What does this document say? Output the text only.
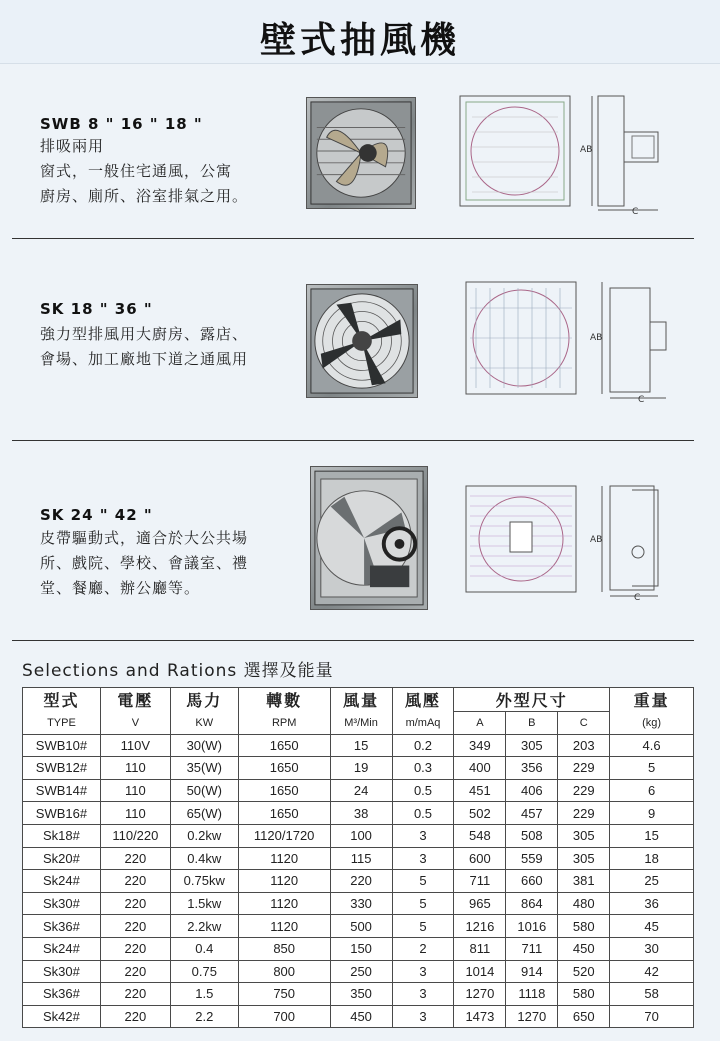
壁式抽風機
SWB 8 " 16 " 18 "
排吸兩用
窗式，一般住宅通風，公寓
廚房、廁所、浴室排氣之用。
AB
C
SK 18 " 36 "
強力型排風用大廚房、露店、
會場、加工廠地下道之通風用
AB
C
SK 24 " 42 "
皮帶驅動式，適合於大公共場
所、戲院、學校、會議室、禮
堂、餐廳、辦公廳等。
AB
C
Selections and Rations 選擇及能量
型式	電壓	馬力	轉數	風量	風壓	外型尺寸			重量
TYPE	V	KW	RPM	M³/Min	m/mAq	A	B	C	(kg)
SWB10#	110V	30(W)	1650	15	0.2	349	305	203	4.6
SWB12#	110	35(W)	1650	19	0.3	400	356	229	5
SWB14#	110	50(W)	1650	24	0.5	451	406	229	6
SWB16#	110	65(W)	1650	38	0.5	502	457	229	9
Sk18#	110/220	0.2kw	1120/1720	100	3	548	508	305	15
Sk20#	220	0.4kw	1120	115	3	600	559	305	18
Sk24#	220	0.75kw	1120	220	5	711	660	381	25
Sk30#	220	1.5kw	1120	330	5	965	864	480	36
Sk36#	220	2.2kw	1120	500	5	1216	1016	580	45
Sk24#	220	0.4	850	150	2	811	711	450	30
Sk30#	220	0.75	800	250	3	1014	914	520	42
Sk36#	220	1.5	750	350	3	1270	1118	580	58
Sk42#	220	2.2	700	450	3	1473	1270	650	70
